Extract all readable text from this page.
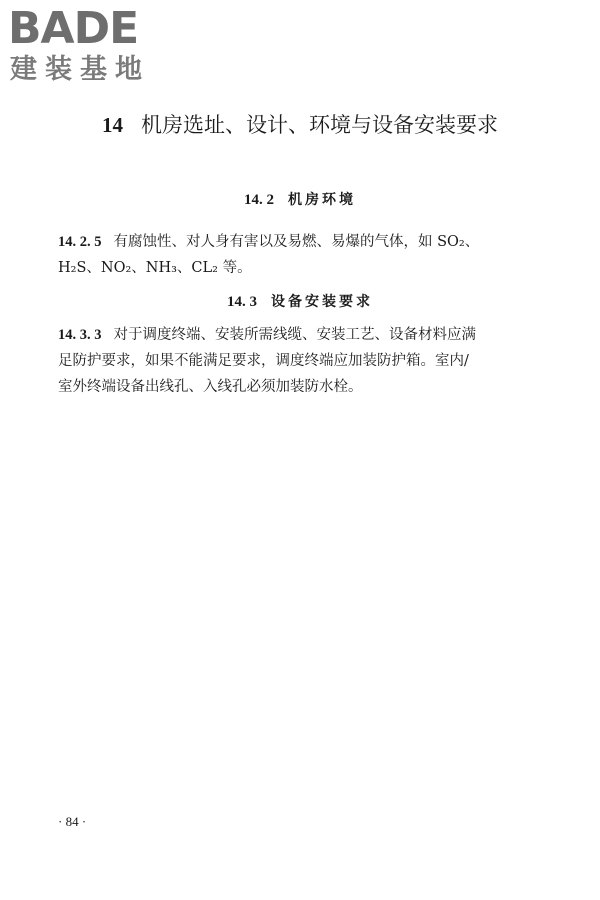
BADE
建装基地
14 机房选址、设计、环境与设备安装要求
14. 2 机房环境
14. 2. 5 有腐蚀性、对人身有害以及易燃、易爆的气体，如 SO₂、
H₂S、NO₂、NH₃、CL₂ 等。
14. 3 设备安装要求
14. 3. 3 对于调度终端、安装所需线缆、安装工艺、设备材料应满
足防护要求，如果不能满足要求，调度终端应加装防护箱。室内/
室外终端设备出线孔、入线孔必须加装防水栓。
· 84 ·
